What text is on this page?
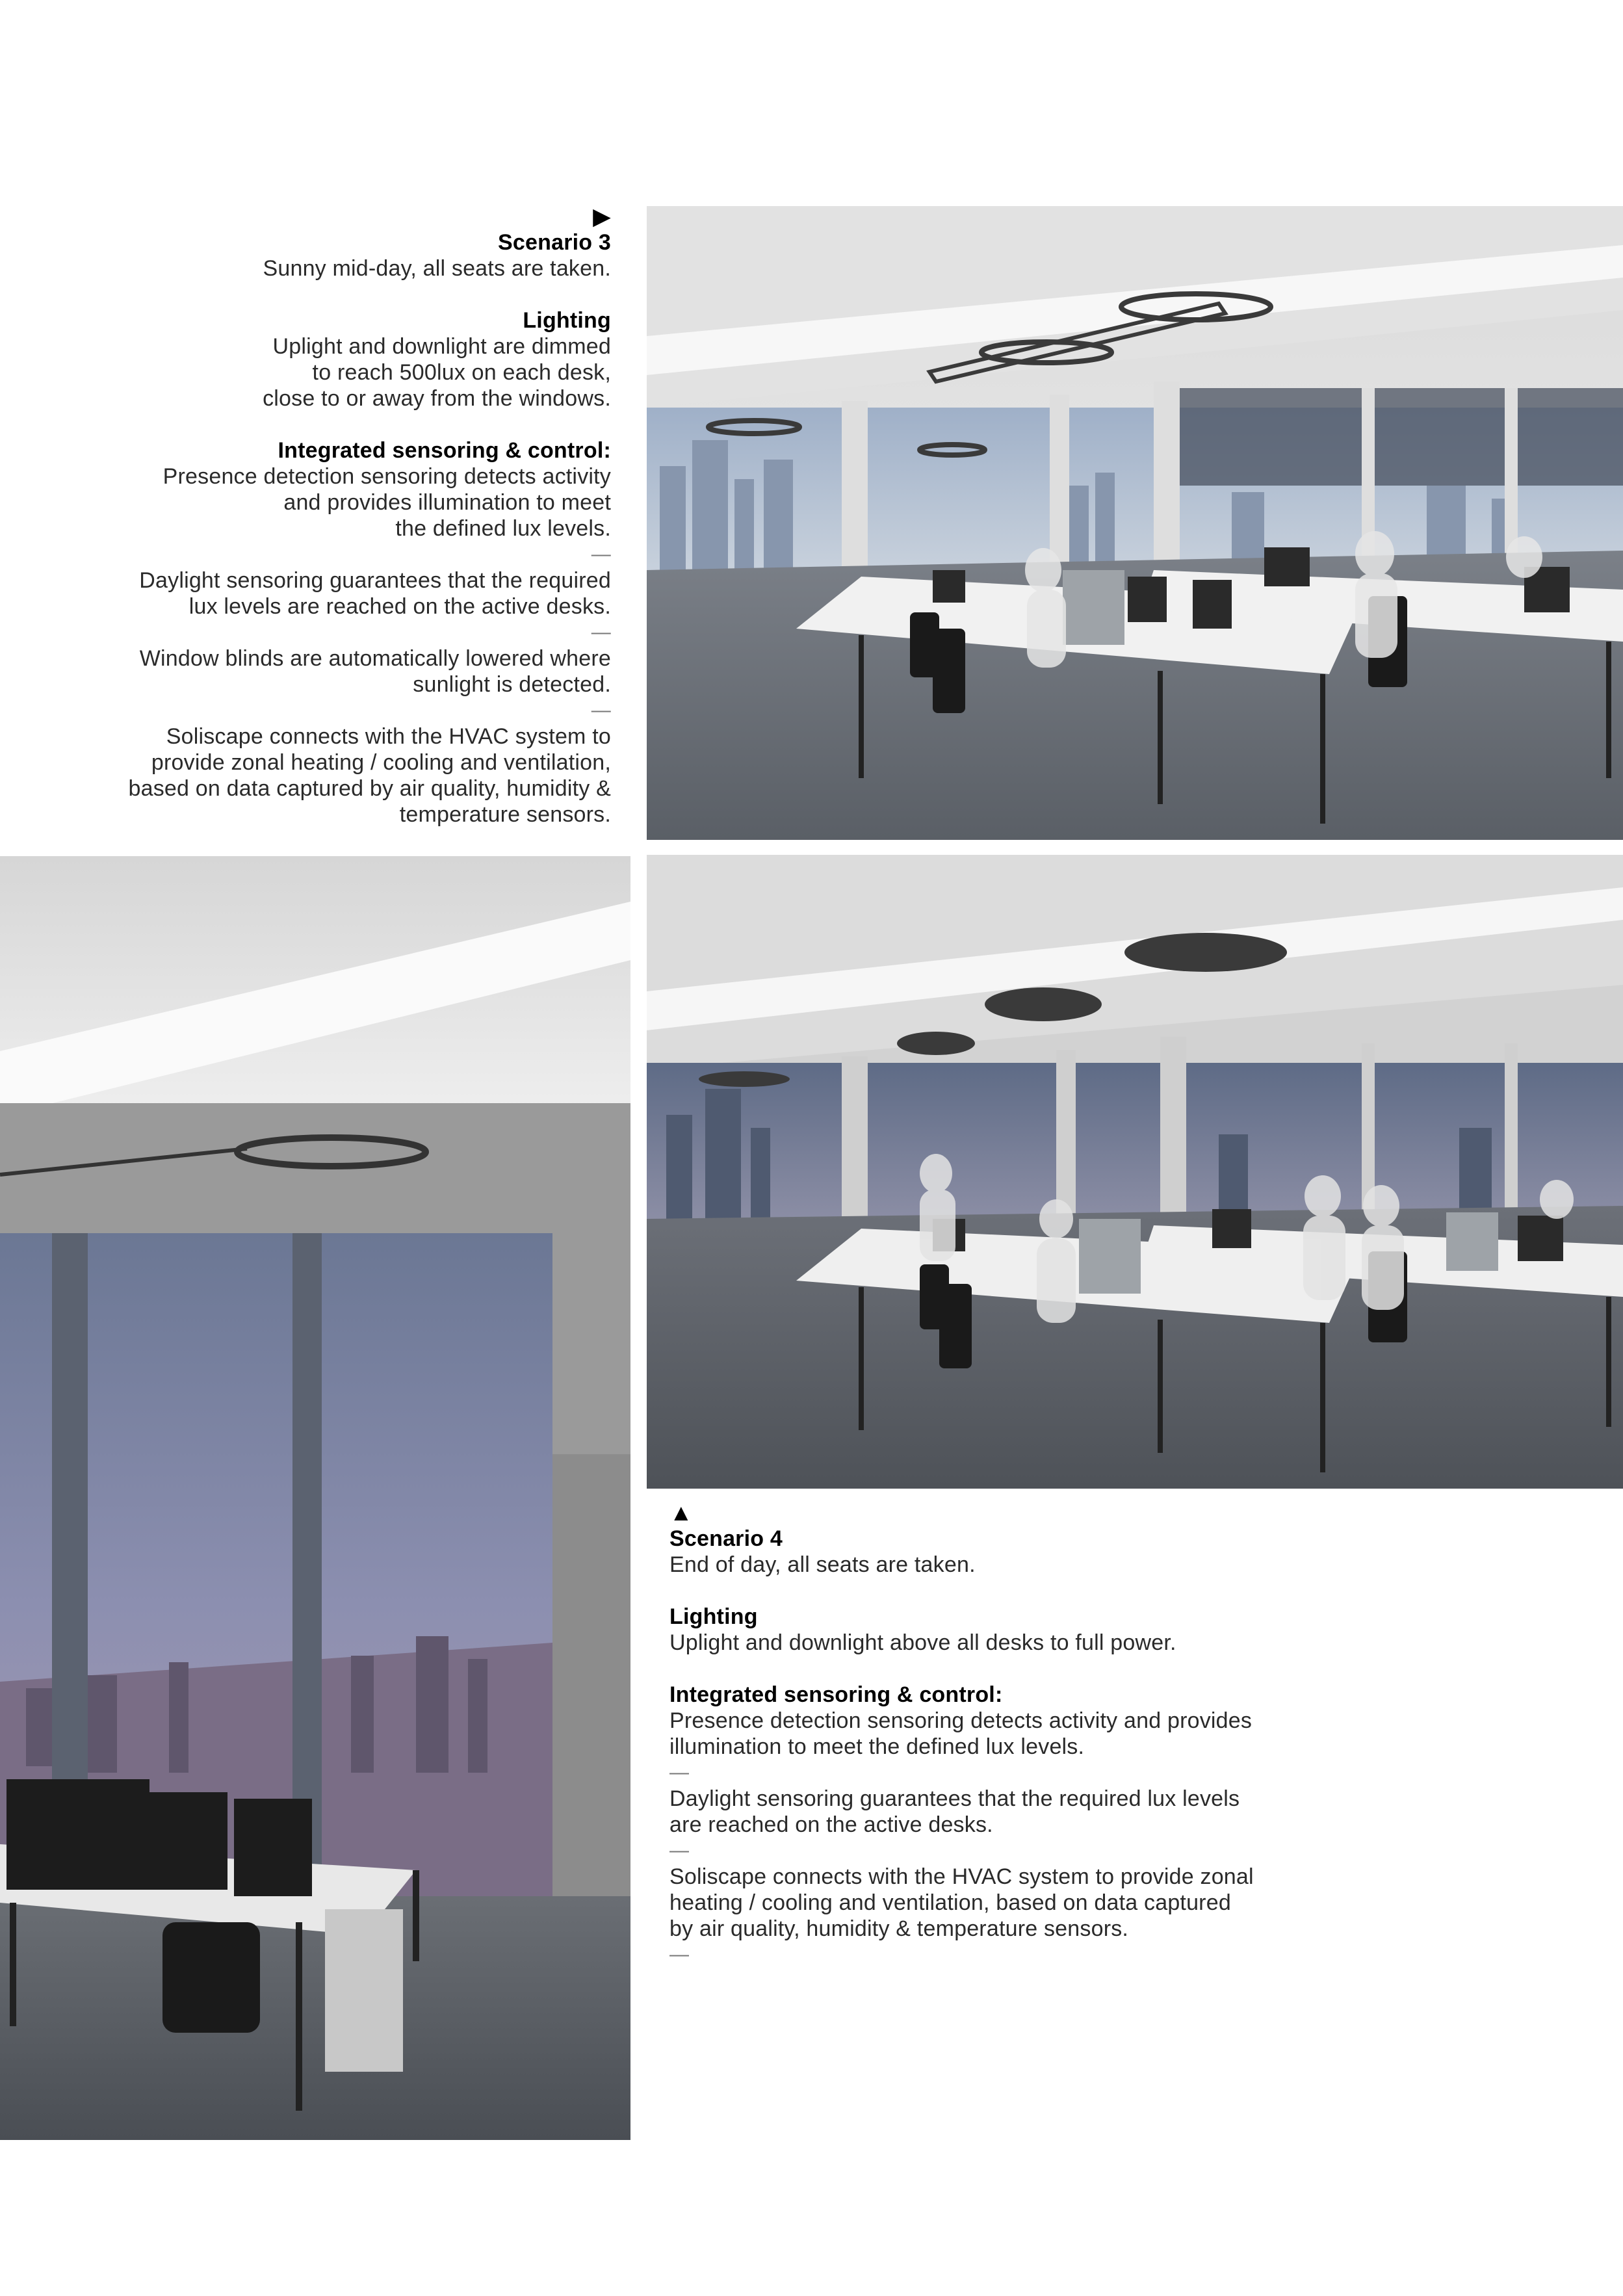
▶

Scenario 3

Sunny mid-day, all seats are taken.

Lighting

Uplight and downlight are dimmed

to reach 500lux on each desk,

close to or away from the windows.

Integrated sensoring & control:

Presence detection sensoring detects activity

and provides illumination to meet

the defined lux levels.

—

Daylight sensoring guarantees that the required

lux levels are reached on the active desks.

—

Window blinds are automatically lowered where

sunlight is detected.

—

Soliscape connects with the HVAC system to

provide zonal heating / cooling and ventilation,

based on data captured by air quality, humidity &

temperature sensors.

▲

Scenario 4

End of day, all seats are taken.

Lighting

Uplight and downlight above all desks to full power.

Integrated sensoring & control:

Presence detection sensoring detects activity and provides

illumination to meet the defined lux levels.

—

Daylight sensoring guarantees that the required lux levels

are reached on the active desks.

—

Soliscape connects with the HVAC system to provide zonal

heating / cooling and ventilation, based on data captured

by air quality, humidity & temperature sensors.

—
